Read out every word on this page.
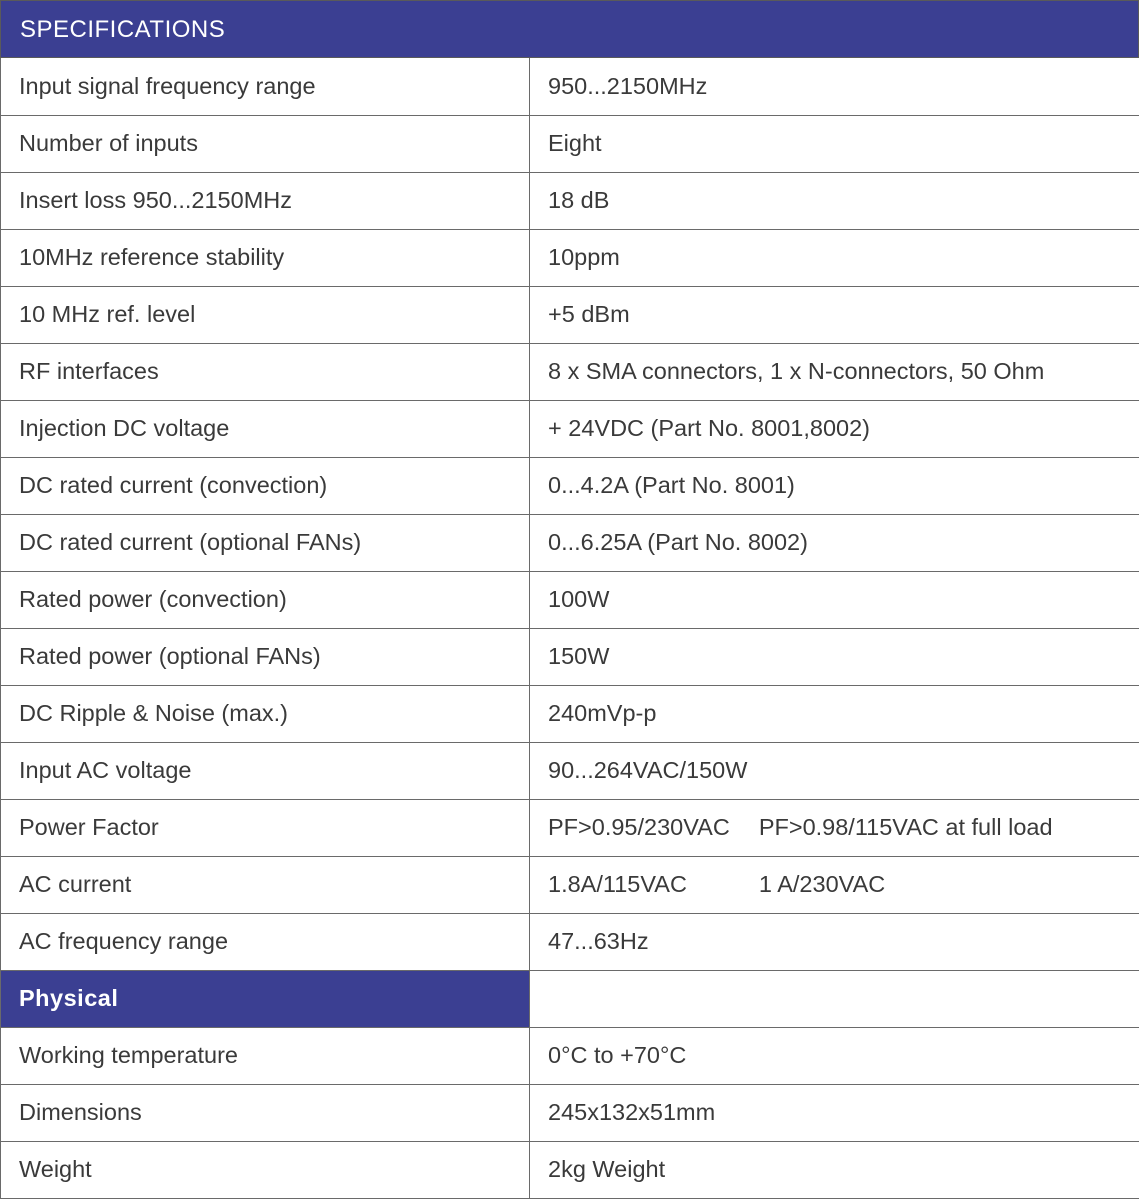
SPECIFICATIONS
Input signal frequency range	950...2150MHz
Number of inputs	Eight
Insert loss 950...2150MHz	18 dB
10MHz reference stability	10ppm
10 MHz ref. level	+5 dBm
RF interfaces	8 x SMA connectors, 1 x N-connectors, 50 Ohm
Injection DC voltage	+ 24VDC (Part No. 8001,8002)
DC rated current (convection)	0...4.2A (Part No. 8001)
DC rated current (optional FANs)	0...6.25A (Part No. 8002)
Rated power (convection)	100W
Rated power (optional FANs)	150W
DC Ripple & Noise (max.)	240mVp-p
Input AC voltage	90...264VAC/150W
Power Factor	PF>0.95/230VAC PF>0.98/115VAC at full load
AC current	1.8A/115VAC 1 A/230VAC
AC frequency range	47...63Hz
Physical	
Working temperature	0°C to +70°C
Dimensions	245x132x51mm
Weight	2kg Weight
